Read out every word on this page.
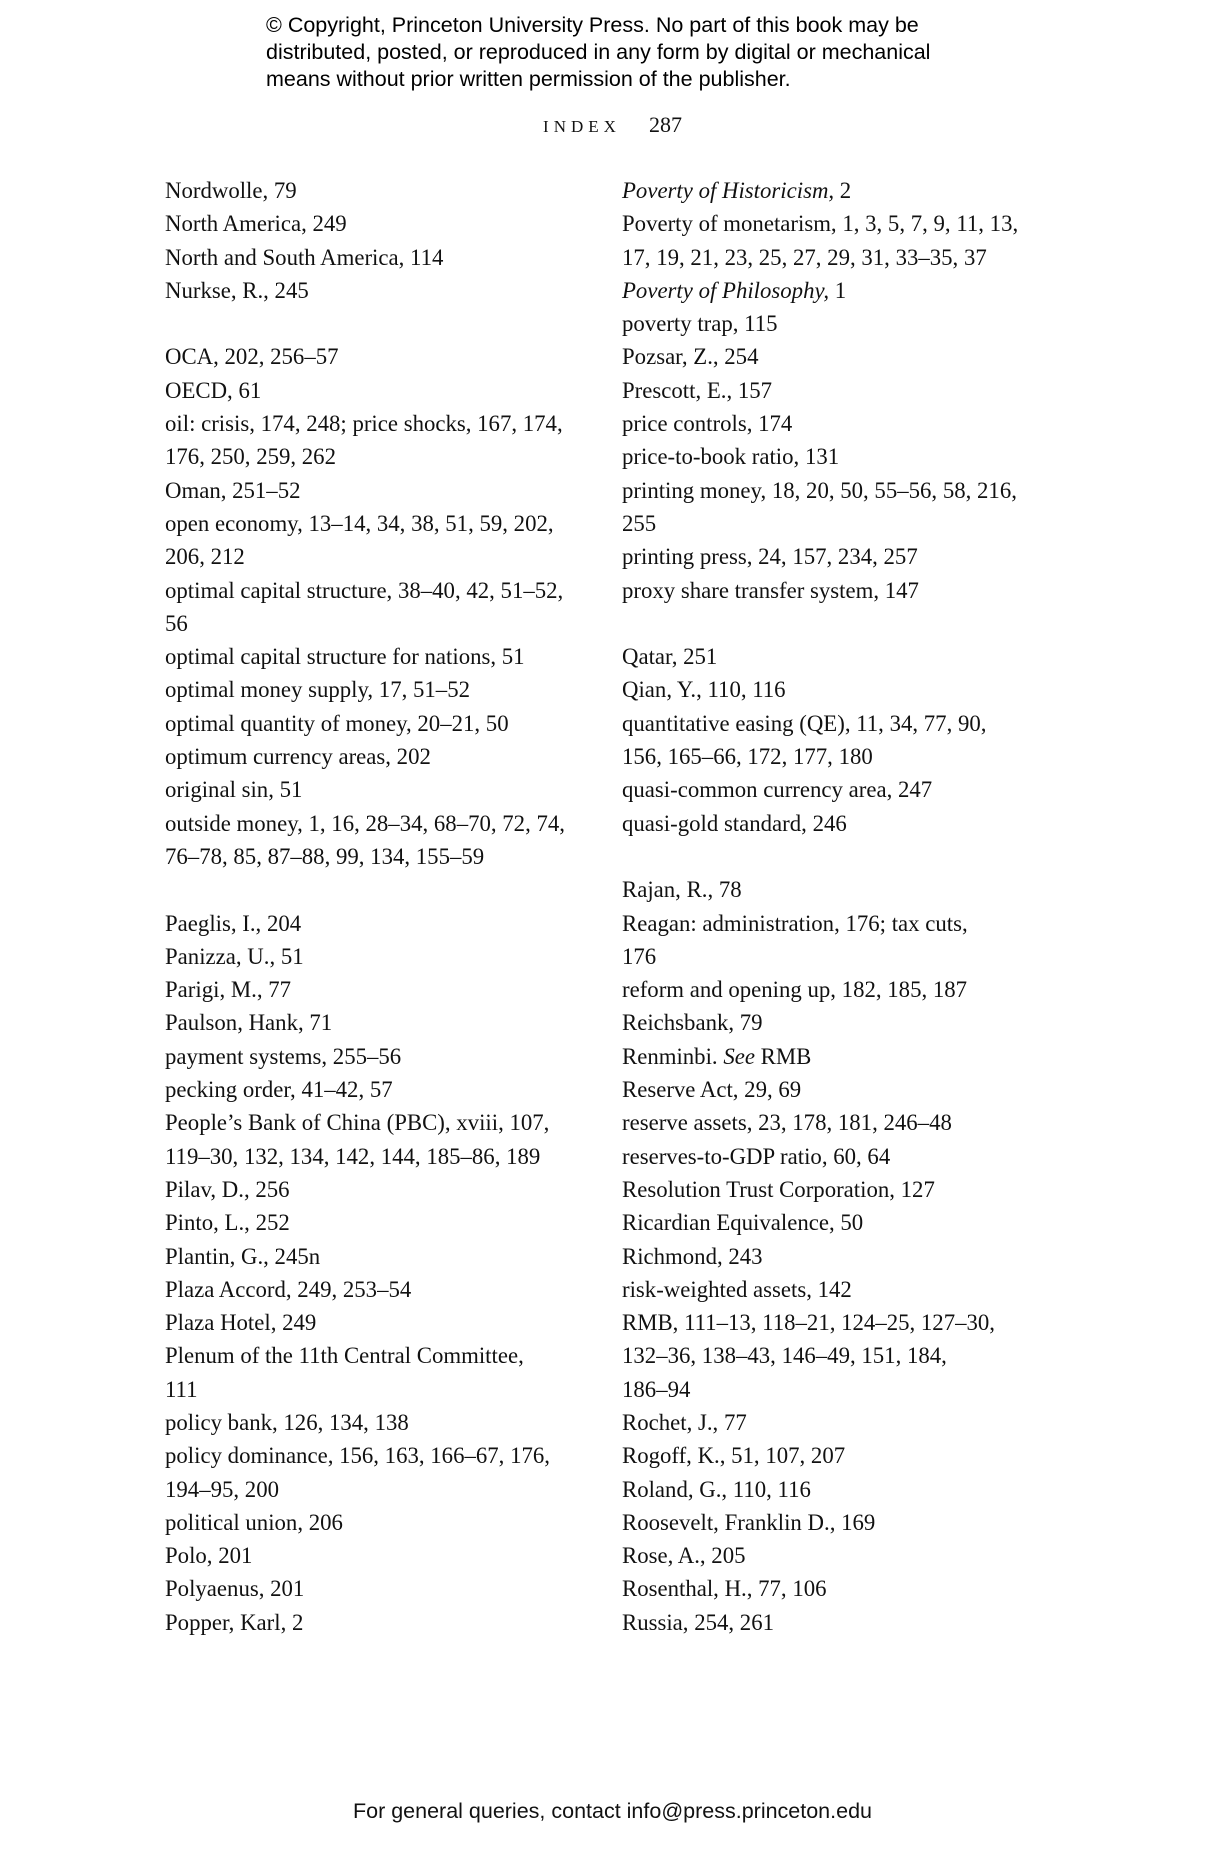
© Copyright, Princeton University Press. No part of this book may be
distributed, posted, or reproduced in any form by digital or mechanical
means without prior written permission of the publisher.
INDEX 287
Nordwolle, 79
North America, 249
North and South America, 114
Nurkse, R., 245
OCA, 202, 256–57
OECD, 61
oil: crisis, 174, 248; price shocks, 167, 174,
176, 250, 259, 262
Oman, 251–52
open economy, 13–14, 34, 38, 51, 59, 202,
206, 212
optimal capital structure, 38–40, 42, 51–52,
56
optimal capital structure for nations, 51
optimal money supply, 17, 51–52
optimal quantity of money, 20–21, 50
optimum currency areas, 202
original sin, 51
outside money, 1, 16, 28–34, 68–70, 72, 74,
76–78, 85, 87–88, 99, 134, 155–59
Paeglis, I., 204
Panizza, U., 51
Parigi, M., 77
Paulson, Hank, 71
payment systems, 255–56
pecking order, 41–42, 57
People’s Bank of China (PBC), xviii, 107,
119–30, 132, 134, 142, 144, 185–86, 189
Pilav, D., 256
Pinto, L., 252
Plantin, G., 245n
Plaza Accord, 249, 253–54
Plaza Hotel, 249
Plenum of the 11th Central Committee,
111
policy bank, 126, 134, 138
policy dominance, 156, 163, 166–67, 176,
194–95, 200
political union, 206
Polo, 201
Polyaenus, 201
Popper, Karl, 2
Poverty of Historicism, 2
Poverty of monetarism, 1, 3, 5, 7, 9, 11, 13,
17, 19, 21, 23, 25, 27, 29, 31, 33–35, 37
Poverty of Philosophy, 1
poverty trap, 115
Pozsar, Z., 254
Prescott, E., 157
price controls, 174
price-to-book ratio, 131
printing money, 18, 20, 50, 55–56, 58, 216,
255
printing press, 24, 157, 234, 257
proxy share transfer system, 147
Qatar, 251
Qian, Y., 110, 116
quantitative easing (QE), 11, 34, 77, 90,
156, 165–66, 172, 177, 180
quasi-common currency area, 247
quasi-gold standard, 246
Rajan, R., 78
Reagan: administration, 176; tax cuts,
176
reform and opening up, 182, 185, 187
Reichsbank, 79
Renminbi. See RMB
Reserve Act, 29, 69
reserve assets, 23, 178, 181, 246–48
reserves-to-GDP ratio, 60, 64
Resolution Trust Corporation, 127
Ricardian Equivalence, 50
Richmond, 243
risk-weighted assets, 142
RMB, 111–13, 118–21, 124–25, 127–30,
132–36, 138–43, 146–49, 151, 184,
186–94
Rochet, J., 77
Rogoff, K., 51, 107, 207
Roland, G., 110, 116
Roosevelt, Franklin D., 169
Rose, A., 205
Rosenthal, H., 77, 106
Russia, 254, 261
For general queries, contact info@press.princeton.edu
